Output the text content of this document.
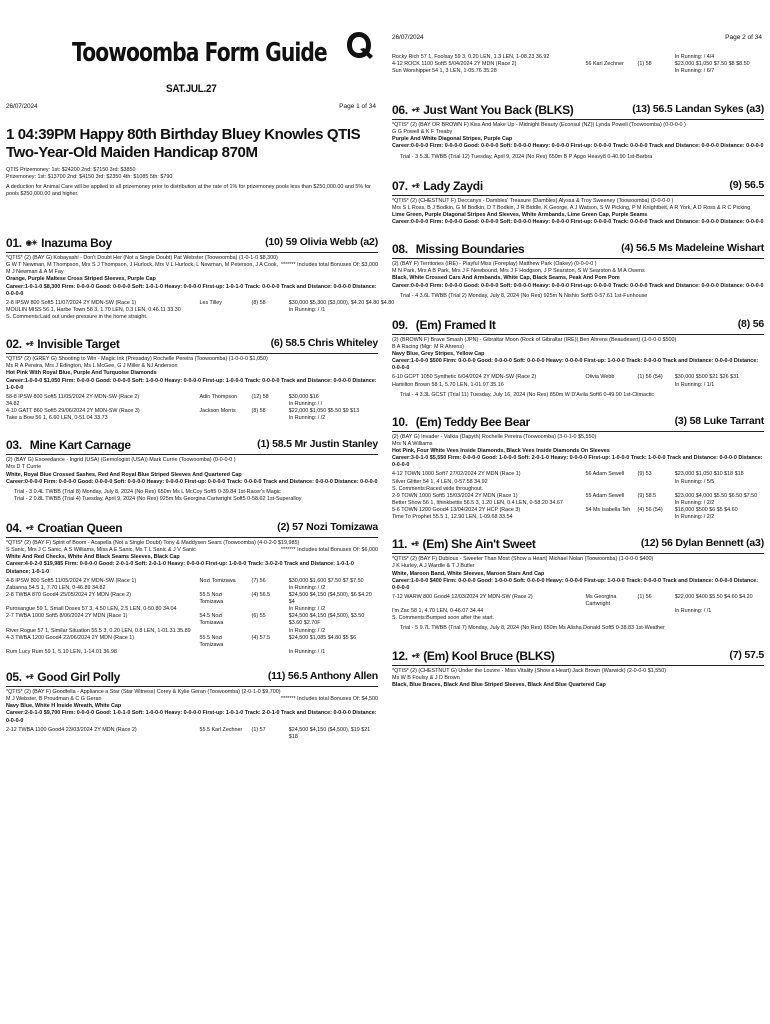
26/07/2024	Page 1 of 34
Toowoomba Form Guide
SAT.JUL.27
1 04:39PM Happy 80th Birthday Bluey Knowles QTIS Two-Year-Old Maiden Handicap 870M
QTIS Prizemoney: 1st: $24200 2nd: $7150 3rd: $3850
Prizemoney: 1st: $13700 2nd: $4150 3rd: $2350 4th: $1085 5th: $790
A deduction for Animal Care will be applied to all prizemoney prior to distribution at the rate of 1% for prizemoney pools less than $250,000.00 and 5% for pools $250,000.00 and higher.
01. ◉✳ Inazuma Boy	(10) 59 Olivia Webb (a2)
*QTIS* (2) (BAY G) Kobayashi - Don't Doubt Her (Not a Single Doubt) Pat Webster (Toowoomba) (1-0-1-0 $8,300)
******* Includes total Bonuses Of: $3,000
G W T Newman, M Thompson, Mrs S J Thompson, J Hurlock, Mrs V L Hurlock, L Newman, M Peterson, J A Cook, M J Newman & A M Fay
Orange, Purple Maltese Cross Striped Sleeves, Purple Cap
Career:1-0-1-0 $8,300 Firm: 0-0-0-0 Good: 0-0-0-0 Soft: 1-0-1-0 Heavy: 0-0-0-0 First-up: 1-0-1-0 Track: 0-0-0-0 Track and Distance: 0-0-0-0 Distance: 0-0-0-0
2-8 IPSW 800 Soft5 11/07/2024 2Y MDN-SW (Race 1)	Les Tilley	(8) 58	$30,000 $5,300 ($3,000), $4.20 $4.80 $4.80
MOULIN MISS 56 1, Harbe Town 58 3, 1.70 LEN, 0.3 LEN, 0:46.11 33.30			In Running: / /1
S. Comments:Laid out under pressure in the home straight.			
02. ⌖✠ Invisible Target	(6) 58.5 Chris Whiteley
*QTIS* (2) (GREY G) Shooting to Win - Magic Ink (Pressday) Rochelle Pereira (Toowoomba) (1-0-0-0 $1,050)
Ms R A Pereira, Mrs J Edington, Ms L McGee, G J Miller & NJ Anderson
Hot Pink With Royal Blue, Purple And Turquoise Diamonds
Career:1-0-0-0 $1,050 Firm: 0-0-0-0 Good: 0-0-0-0 Soft: 1-0-0-0 Heavy: 0-0-0-0 First-up: 1-0-0-0 Track: 0-0-0-0 Track and Distance: 0-0-0-0 Distance: 1-0-0-0
58-8 IPSW 800 Soft5 11/05/2024 2Y MDN-SW (Race 2)	Adin Thompson	(12) 58	$30,000 $16
34.82			In Running: / /
4-10 GATT 860 Soft5 29/06/2024 2Y MDN-SW (Race 3)	Jackson Morris	(8) 58	$22,000 $1,050 $5.50 $9 $13
Take a Bow 56 1, 6.60 LEN, 0-51.04 33.73			In Running: / /2
03. Mine Kart Carnage	(1) 58.5 Mr Justin Stanley
(2) (BAY G) Exceedance - Ingrid (USA) (Gemologist (USA)) Mark Currie (Toowoomba) (0-0-0-0 )
Mrs D T Currie
White, Royal Blue Crossed Sashes, Red And Royal Blue Striped Sleeves And Quartered Cap
Career:0-0-0-0 Firm: 0-0-0-0 Good: 0-0-0-0 Soft: 0-0-0-0 Heavy: 0-0-0-0 First-up: 0-0-0-0 Track: 0-0-0-0 Track and Distance: 0-0-0-0 Distance: 0-0-0-0
Trial - 3 0.4L TWBB (Trial 8) Monday, July 8, 2024 (No Res) 650m Ms L McCoy Soft5 0-39.84 1st-Racer's Magic
Trial - 2 0.8L TWBB (Trial 4) Tuesday, April 9, 2024 (No Res) 925m Ms Georgina Cartwright Soft5 0-58.62 1st-Superalloy
04. ⌖✠ Croatian Queen	(2) 57 Nozi Tomizawa
*QTIS* (2) (BAY F) Spirit of Boom - Acapella (Not a Single Doubt) Tony & Maddysen Sears (Toowoomba) (4-0-2-0 $19,985)
******* Includes total Bonuses Of: $6,000
S Sanic, Mrs J C Sanic, A S Williams, Miss A E Sanic, Ms T L Sanic & J V Sanic
White And Red Checks, White And Black Seams Sleeves, Black Cap
Career:4-0-2-0 $19,985 Firm: 0-0-0-0 Good: 2-0-1-0 Soft: 2-0-1-0 Heavy: 0-0-0-0 First-up: 1-0-0-0 Track: 3-0-2-0 Track and Distance: 1-0-1-0 Distance: 1-0-1-0
4-8 IPSW 800 Soft5 11/05/2024 2Y MDN-SW (Race 1)	Nozi Tomizawa	(7) 56	$30,000 $1,600 $7.50 $7 $7.50
Zabanna 54.5 1, 7.70 LEN, 0-46.89 34.82			In Running: / /2
2-8 TWBA 870 Good4 25/05/2024 2Y MDN (Race 2)	55.5 Nozi	(4) 56.5	$24,500 $4,150 ($4,500), $6 $4.20
	Tomizawa		$4
Purosangue 59 1, Small Doses 57 3, 4.50 LEN, 2.5 LEN, 0-50.80 34.04			In Running: / /2
2-7 TWBA 1000 Soft5 8/06/2024 2Y MDN (Race 1)	54.5 Nozi	(6) 55	$24,500 $4,150 ($4,500), $3.50
	Tomizawa		$3.60 $2.70F
River Rogue 57 1, Similar Situation 55.5 3, 0.20 LEN, 0.8 LEN, 1-01.31 35.89			In Running: / /2
4-3 TWBA 1200 Good4 22/06/2024 2Y MDN (Race 1)	55.5 Nozi	(4) 57.5	$24,500 $1,085 $4.80 $5 $6
	Tomizawa		
Rum Lucy Rum 59 1, 5.10 LEN, 1-14.01 36.98			In Running: / /1
05. ⌖✠ Good Girl Polly	(11) 56.5 Anthony Allen
*QTIS* (2) (BAY F) Goodfella - Appliance a Star (Star Witness) Corey & Kylie Geran (Toowoomba) (2-0-1-0 $9,700)
******* Includes total Bonuses Of: $4,500
M J Webster, B Proudman & C G Geran
Navy Blue, White H Inside Wreath, White Cap
Career:2-0-1-0 $9,700 Firm: 0-0-0-0 Good: 1-0-1-0 Soft: 1-0-0-0 Heavy: 0-0-0-0 First-up: 1-0-1-0 Track: 2-0-1-0 Track and Distance: 0-0-0-0 Distance: 0-0-0-0
2-12 TWBA 1100 Good4 23/03/2024 2Y MDN (Race 2)	55.5 Karl Zechner	(1) 57	$24,500 $4,150 ($4,500), $19 $21
			$18
26/07/2024	Page 2 of 34
Rocky Rich 57 1, Foolsay 59 3, 0.20 LEN, 1.3 LEN, 1-08.23 36.92			In Running: / 4/4
4-12 ROCK 1100 Soft5 5/04/2024 2Y MDN (Race 2)	56 Karl Zechner	(1) 58	$23,000 $1,050 $7.50 $8 $8.50
Sun Worshipper 54 1, 3 LEN, 1-05.76 35.28			In Running: / 6/7
06. ⌖✠ Just Want You Back (BLKS)	(13) 56.5 Landan Sykes (a3)
*QTIS* (2) (BAY OR BROWN F) Kiss And Make Up - Midnight Beauty (Econsul (NZ)) Lynda Powell (Toowoomba) (0-0-0-0 )
G G Powell & K F Treaby
Purple And White Diagonal Stripes, Purple Cap
Career:0-0-0-0 Firm: 0-0-0-0 Good: 0-0-0-0 Soft: 0-0-0-0 Heavy: 0-0-0-0 First-up: 0-0-0-0 Track: 0-0-0-0 Track and Distance: 0-0-0-0 Distance: 0-0-0-0
Trial - 3 5.3L TWBB (Trial 12) Tuesday, April 9, 2024 (No Res) 650m B P Apgo Heavy8 0-40.90 1st-Barbra
07. ⌖✠ Lady Zaydi	(9) 56.5
*QTIS* (2) (CHESTNUT F) Deccanys - Dambles' Treasure (Dambles) Alyssa & Troy Sweeney (Toowoomba) (0-0-0-0 )
Mrs S L Ross, B J Bodkin, G M Bodkin, D T Bodkin, J R Biddle, K George, A J Watson, S W Picking, P M Knightbelt, A R York, A D Ross & R C Picking
Lime Green, Purple Diagonal Stripes And Sleeves, White Armbands, Lime Green Cap, Purple Seams
Career:0-0-0-0 Firm: 0-0-0-0 Good: 0-0-0-0 Soft: 0-0-0-0 Heavy: 0-0-0-0 First-up: 0-0-0-0 Track: 0-0-0-0 Track and Distance: 0-0-0-0 Distance: 0-0-0-0
08. Missing Boundaries	(4) 56.5 Ms Madeleine Wishart
(2) (BAY F) Territories (IRE) - Playful Miss (Foreplay) Matthew Park (Oakey) (0-0-0-0 )
M N Park, Mrs A B Park, Mrs J F Newbound, Mrs J F Hodgson, J P Searston, S W Searston & M A Owens
Black, White Crossed Cars And Armbands, White Cap, Black Seams, Peak And Pom Pom
Career:0-0-0-0 Firm: 0-0-0-0 Good: 0-0-0-0 Soft: 0-0-0-0 Heavy: 0-0-0-0 First-up: 0-0-0-0 Track: 0-0-0-0 Track and Distance: 0-0-0-0 Distance: 0-0-0-0
Trial - 4 3.6L TWBB (Trial 2) Monday, July 8, 2024 (No Res) 925m N Nishio Soft5 0-57.61 1st-Funhouse
09. (Em) Framed It	(8) 56
(2) (BROWN F) Brave Smash (JPN) - Gibraltar Moon (Rock of Gibraltar (IRE)) Ben Ahrens (Beaudesert) (1-0-0-0 $500)
B A Racing (Mgr: M R Ahrens)
Navy Blue, Grey Stripes, Yellow Cap
Career:1-0-0-0 $500 Firm: 0-0-0-0 Good: 0-0-0-0 Soft: 0-0-0-0 Heavy: 0-0-0-0 First-up: 1-0-0-0 Track: 0-0-0-0 Track and Distance: 0-0-0-0 Distance: 0-0-0-0
6-10 GCPT 1050 Synthetic 6/04/2024 2Y MDN-SW (Race 2)	Olivia Webb	(1) 56 (54)	$30,000 $500 $21 $26 $31
Hamilton Brown 58 1, 5.70 LEN, 1-01.97 35.16			In Running: / 1/1
Trial - 4 3.3L GCST (Trial 11) Tuesday, July 16, 2024 (No Res) 850m W D'Avila Soft6 0-49.90 1st-Climactic
10. (Em) Teddy Bee Bear	(3) 58 Luke Tarrant
(2) (BAY G) Invader - Valkia (Dapyth) Rochelle Pereira (Toowoomba) (3-0-1-0 $5,550)
Mrs N A Williams
Hot Pink, Four White Vees Inside Diamonds, Black Vees Inside Diamonds On Sleeves
Career:3-0-1-0 $5,550 Firm: 0-0-0-0 Good: 1-0-0-0 Soft: 2-0-1-0 Heavy: 0-0-0-0 First-up: 1-0-0-0 Track: 1-0-0-0 Track and Distance: 0-0-0-0 Distance: 0-0-0-0
4-12 TOWN 1000 Soft7 27/02/2024 2Y MDN (Race 1)	56 Adam Sewell	(9) 53	$23,000 $1,050 $10 $18 $18
Silver Glitter 54 1, 4 LEN, 0-57.58 34.92			In Running: / 5/5
S. Comments:Raced wide throughout.			
2-9 TOWN 1000 Soft5 15/03/2024 2Y MDN (Race 1)	55 Adam Sewell	(9) 58.5	$23,000 $4,000 $5.50 $6.50 $7.50
Better Show 56 1, Ithinkbettis 56.5 3, 1.20 LEN, 0.4 LEN, 0-58.20 34.67			In Running: / 2/2
5-6 TOWN 1200 Good4 13/04/2024 2Y HCP (Race 3)	54 Ms Isabella Teh	(4) 56 (54)	$18,000 $500 $6 $5 $4.60
Time To Prophet 55.5 1, 12.90 LEN, 1-09.68 33.54			In Running: / 2/2
11. ⌖✠ (Em) She Ain't Sweet	(12) 56 Dylan Bennett (a3)
*QTIS* (2) (BAY F) Dubious - Sweeter Than Most (Show a Heart) Michael Nolan (Toowoomba) (1-0-0-0 $400)
J K Hurley, A J Wardle & T J Butler
White, Maroon Band, White Sleeves, Maroon Stars And Cap
Career:1-0-0-0 $400 Firm: 0-0-0-0 Good: 1-0-0-0 Soft: 0-0-0-0 Heavy: 0-0-0-0 First-up: 1-0-0-0 Track: 0-0-0-0 Track and Distance: 0-0-0-0 Distance: 0-0-0-0
7-12 WARW 800 Good4 12/03/2024 2Y MDN-SW (Race 2)	Ms Georgina	(1) 56	$22,000 $400 $5.50 $4.60 $4.20
	Cartwright		
I'm Zac 58 1, 4.70 LEN, 0-46.07 34.44			In Running: / /1
S. Comments:Bumped soon after the start.			
Trial - 5 9.7L TWBB (Trial 7) Monday, July 8, 2024 (No Res) 650m Ms Alisha Donald Soft5 0-38.83 1st-Weather
12. ⌖✠ (Em) Kool Bruce (BLKS)	(7) 57.5
*QTIS* (2) (CHESTNUT G) Under the Louvre - Miss Vitality (Show a Heart) Jack Brown (Warwick) (2-0-0-0 $1,550)
Ms W B Foulsy & J D Brown
Black, Blue Braces, Black And Blue Striped Sleeves, Black And Blue Quartered Cap
